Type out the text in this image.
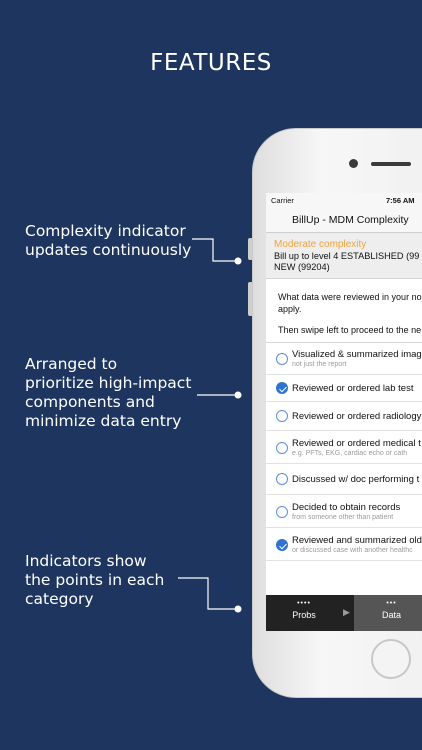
FEATURES
Complexity indicator
updates continuously
Arranged to
prioritize high-impact
components and
minimize data entry
Indicators show
the points in each
category
Carrier	7:56 AM
BillUp - MDM Complexity
Moderate complexity
Bill up to level 4 ESTABLISHED (99
NEW (99204)
What data were reviewed in your no
apply.
Then swipe left to proceed to the ne
Visualized & summarized imag
not just the report
Reviewed or ordered lab test
Reviewed or ordered radiology
Reviewed or ordered medical t
e.g. PFTs, EKG, cardiac echo or cath
Discussed w/ doc performing t
Decided to obtain records
from someone other than patient
Reviewed and summarized old
or discussed case with another healthc
••••
Probs	▶
•••
Data
